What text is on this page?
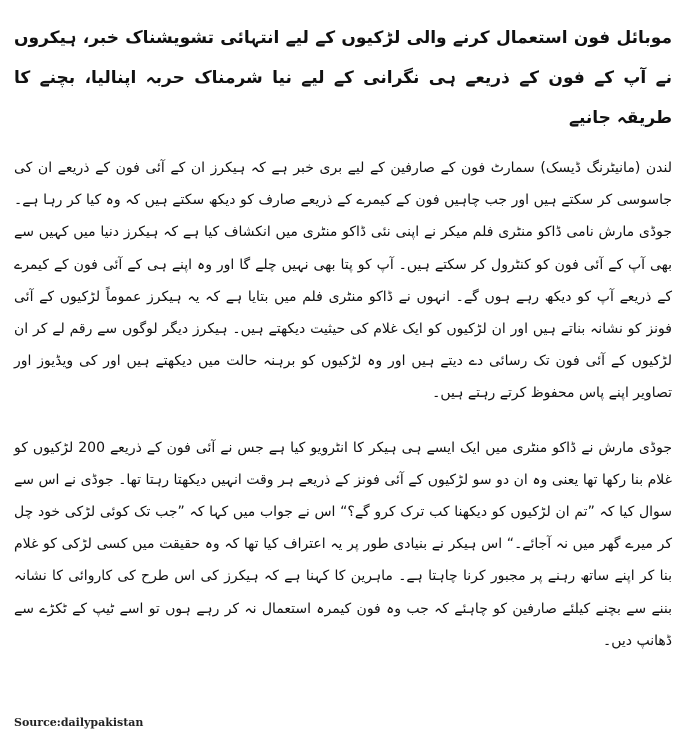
موبائل فون استعمال کرنے والی لڑکیوں کے لیے انتہائی تشویشناک خبر، ہیکروں نے آپ کے فون کے ذریعے ہی نگرانی کے لیے نیا شرمناک حربہ اپنالیا، بچنے کا طریقہ جانیے

لندن (مانیٹرنگ ڈیسک) سمارٹ فون کے صارفین کے لیے بری خبر ہے کہ ہیکرز ان کے آئی فون کے ذریعے ان کی جاسوسی کر سکتے ہیں اور جب چاہیں فون کے کیمرے کے ذریعے صارف کو دیکھ سکتے ہیں کہ وہ کیا کر رہا ہے۔ جوڈی مارش نامی ڈاکو منٹری فلم میکر نے اپنی نئی ڈاکو منٹری میں انکشاف کیا ہے کہ ہیکرز دنیا میں کہیں سے بھی آپ کے آئی فون کو کنٹرول کر سکتے ہیں۔ آپ کو پتا بھی نہیں چلے گا اور وہ اپنے ہی کے آئی فون کے کیمرے کے ذریعے آپ کو دیکھ رہے ہوں گے۔ انہوں نے ڈاکو منٹری فلم میں بتایا ہے کہ یہ ہیکرز عموماً لڑکیوں کے آئی فونز کو نشانہ بناتے ہیں اور ان لڑکیوں کو ایک غلام کی حیثیت دیکھتے ہیں۔ ہیکرز دیگر لوگوں سے رقم لے کر ان لڑکیوں کے آئی فون تک رسائی دے دیتے ہیں اور وہ لڑکیوں کو برہنہ حالت میں دیکھتے ہیں اور کی ویڈیوز اور تصاویر اپنے پاس محفوظ کرتے رہتے ہیں۔

جوڈی مارش نے ڈاکو منٹری میں ایک ایسے ہی ہیکر کا انٹرویو کیا ہے جس نے آئی فون کے ذریعے 200 لڑکیوں کو غلام بنا رکھا تھا یعنی وہ ان دو سو لڑکیوں کے آئی فونز کے ذریعے ہر وقت انہیں دیکھتا رہتا تھا۔ جوڈی نے اس سے سوال کیا کہ ”تم ان لڑکیوں کو دیکھنا کب ترک کرو گے؟“ اس نے جواب میں کہا کہ ”جب تک کوئی لڑکی خود چل کر میرے گھر میں نہ آجائے۔“ اس ہیکر نے بنیادی طور پر یہ اعتراف کیا تھا کہ وہ حقیقت میں کسی لڑکی کو غلام بنا کر اپنے ساتھ رہنے پر مجبور کرنا چاہتا ہے۔ ماہرین کا کہنا ہے کہ ہیکرز کی اس طرح کی کاروائی کا نشانہ بننے سے بچنے کیلئے صارفین کو چاہئے کہ جب وہ فون کیمرہ استعمال نہ کر رہے ہوں تو اسے ٹیپ کے ٹکڑے سے ڈھانپ دیں۔

Source:dailypakistan
